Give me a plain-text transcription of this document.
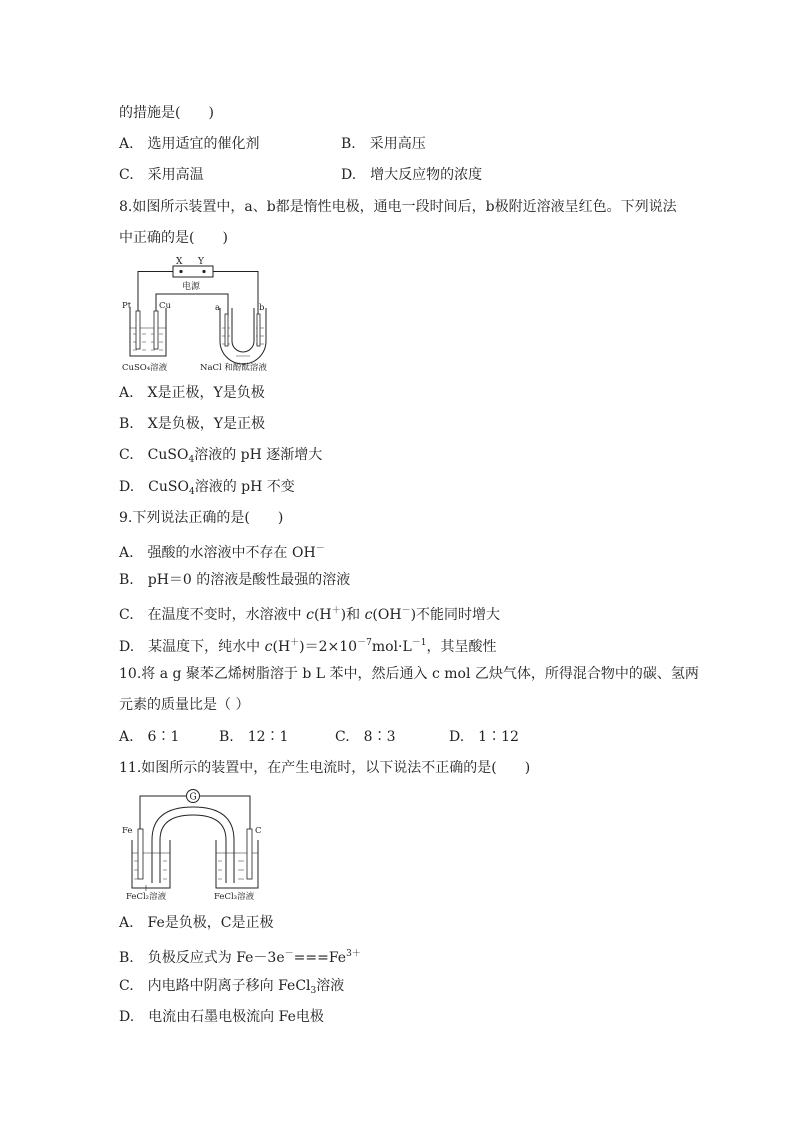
的措施是(　　)
A.　选用适宜的催化剂	B.　采用高压
C.　采用高温	D.　增大反应物的浓度
8.如图所示装置中，a、b都是惰性电极，通电一段时间后，b极附近溶液呈红色。下列说法
中正确的是(　　)
X Y
电源
Pt	Cu
CuSO₄溶液
a	b
NaCl 和酚酞溶液
A.　X是正极，Y是负极
B.　X是负极，Y是正极
C.　CuSO$_4$溶液的 pH 逐渐增大
D.　CuSO$_4$溶液的 pH 不变
9.下列说法正确的是(　　)
A.　强酸的水溶液中不存在 OH－
B.　pH＝0 的溶液是酸性最强的溶液
C.　在温度不变时，水溶液中 c(H＋)和 c(OH－)不能同时增大
D.　某温度下，纯水中 $c(H^+)=2\times 10^{-7}mol\cdot L^{-1}$，其呈酸性
10.将 a g 聚苯乙烯树脂溶于 b L 苯中，然后通入 c mol 乙炔气体，所得混合物中的碳、氢两
元素的质量比是（ ）
A.　6∶1	B.　12∶1	C.　8∶3	D.　1∶12
11.如图所示的装置中，在产生电流时，以下说法不正确的是(　　)
G
Fe
FeCl₂溶液
C
FeCl₃溶液
A.　Fe是负极，C是正极
B.　负极反应式为 $Fe-3e^-===Fe^{3+}$
C.　内电路中阴离子移向 FeCl$_3$溶液
D.　电流由石墨电极流向 Fe电极
